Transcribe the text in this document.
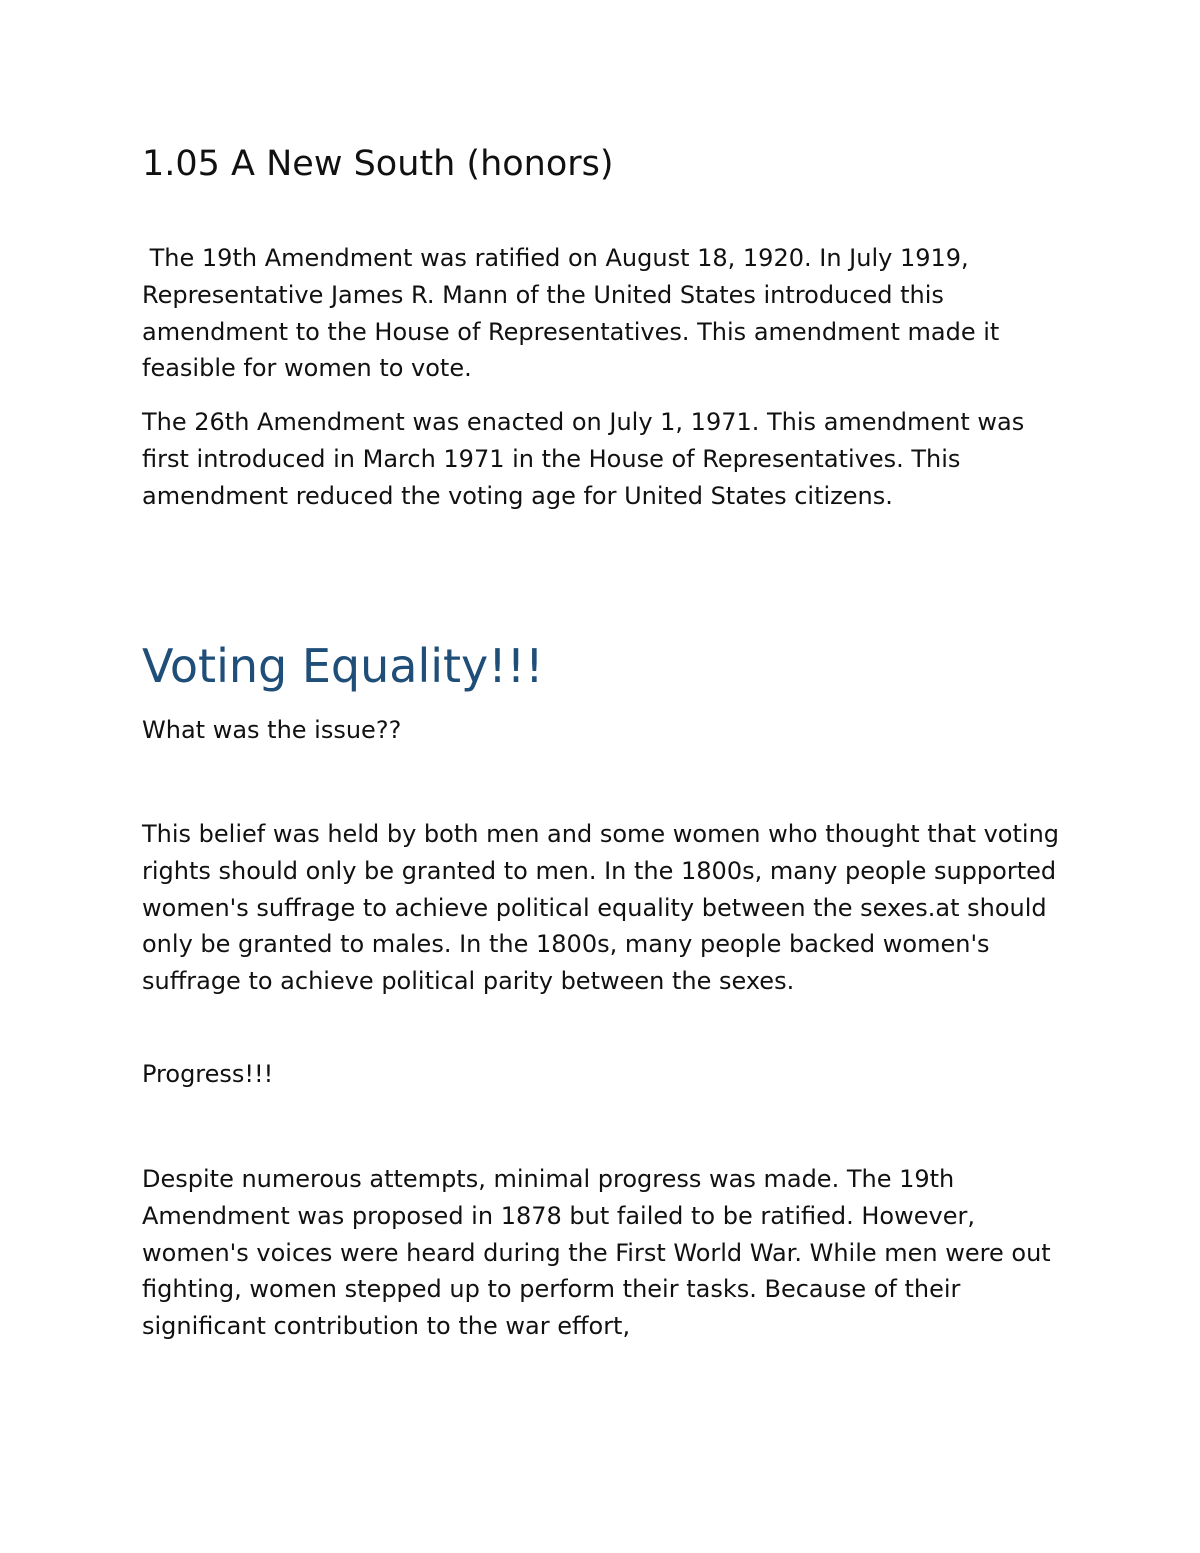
1.05 A New South (honors)

The 19th Amendment was ratified on August 18, 1920. In July 1919, Representative James R. Mann of the United States introduced this amendment to the House of Representatives. This amendment made it feasible for women to vote.

The 26th Amendment was enacted on July 1, 1971. This amendment was first introduced in March 1971 in the House of Representatives. This amendment reduced the voting age for United States citizens.

Voting Equality!!!
What was the issue??

This belief was held by both men and some women who thought that voting rights should only be granted to men. In the 1800s, many people supported women's suffrage to achieve political equality between the sexes.at should only be granted to males. In the 1800s, many people backed women's suffrage to achieve political parity between the sexes.

Progress!!!

Despite numerous attempts, minimal progress was made. The 19th Amendment was proposed in 1878 but failed to be ratified. However, women's voices were heard during the First World War. While men were out fighting, women stepped up to perform their tasks. Because of their significant contribution to the war effort,
